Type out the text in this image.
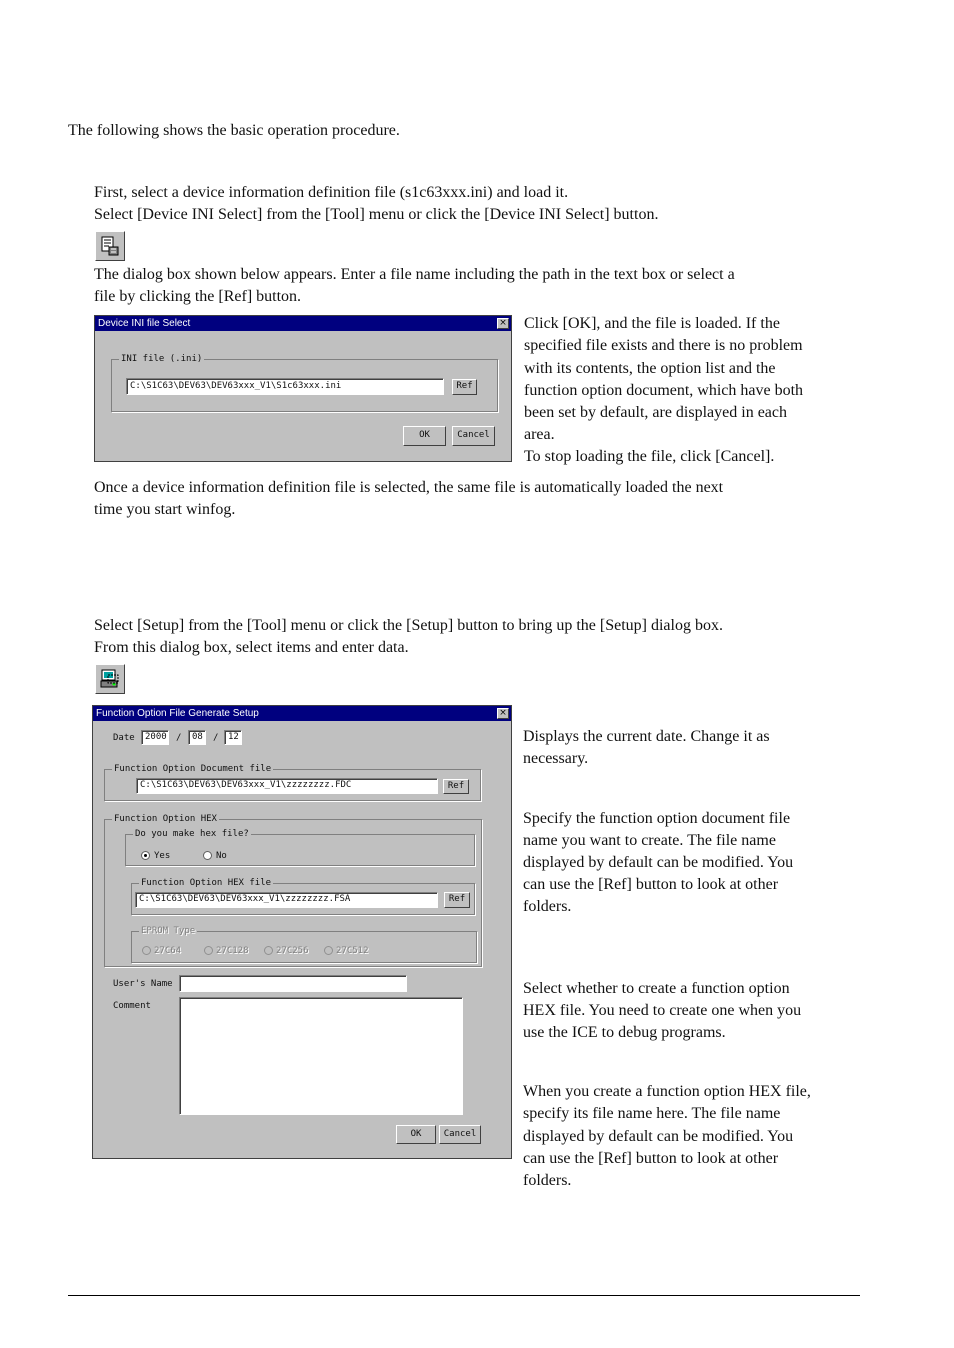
The following shows the basic operation procedure.

First, select a device information definition file (s1c63xxx.ini) and load it.

Select [Device INI Select] from the [Tool] menu or click the [Device INI Select] button.

The dialog box shown below appears. Enter a file name including the path in the text box or select a

file by clicking the [Ref] button.

Device INI file Select	×
INI file (.ini)
C:\S1C63\DEV63\DEV63xxx_V1\S1c63xxx.ini	Ref
OK	Cancel

Click [OK], and the file is loaded. If the

specified file exists and there is no problem

with its contents, the option list and the

function option document, which have both

been set by default, are displayed in each

area.

To stop loading the file, click [Cancel].

Once a device information definition file is selected, the same file is automatically loaded the next

time you start winfog.

Select [Setup] from the [Tool] menu or click the [Setup] button to bring up the [Setup] dialog box.

From this dialog box, select items and enter data.

Function Option File Generate Setup	×
Date	2000 /	08	/	12
Function Option Document file
C:\S1C63\DEV63\DEV63xxx_V1\zzzzzzzz.FDC	Ref
Function Option HEX
Do you make hex file?
Yes	No
Function Option HEX file
C:\S1C63\DEV63\DEV63xxx_V1\zzzzzzzz.FSA	Ref
EPROM Type
27C64	27C128	27C256	27C512
User's Name
Comment
OK	Cancel

Displays the current date. Change it as

necessary.

Specify the function option document file

name you want to create. The file name

displayed by default can be modified. You

can use the [Ref] button to look at other

folders.

Select whether to create a function option

HEX file. You need to create one when you

use the ICE to debug programs.

When you create a function option HEX file,

specify its file name here. The file name

displayed by default can be modified. You

can use the [Ref] button to look at other

folders.
